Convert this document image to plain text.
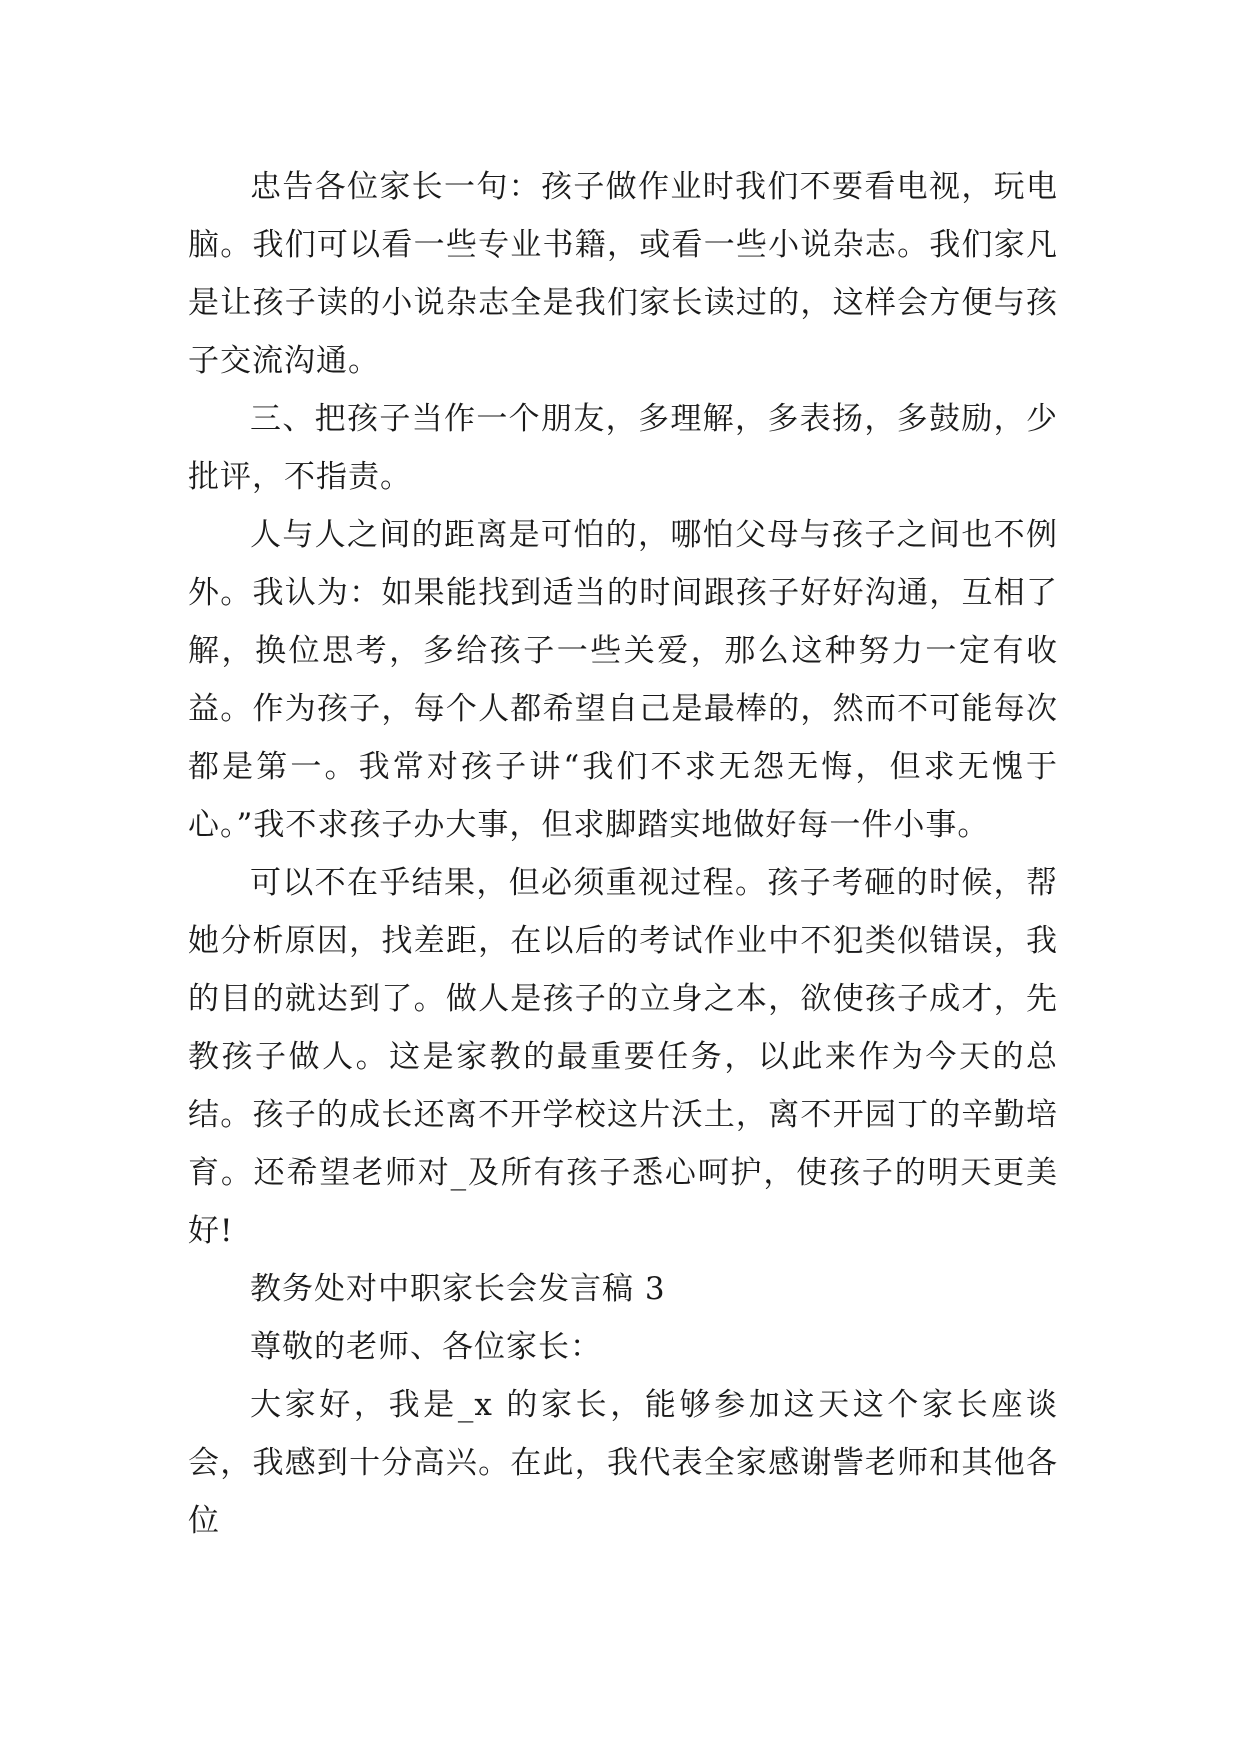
忠告各位家长一句：孩子做作业时我们不要看电视，玩电脑。我们可以看一些专业书籍，或看一些小说杂志。我们家凡是让孩子读的小说杂志全是我们家长读过的，这样会方便与孩子交流沟通。

三、把孩子当作一个朋友，多理解，多表扬，多鼓励，少批评，不指责。

人与人之间的距离是可怕的，哪怕父母与孩子之间也不例外。我认为：如果能找到适当的时间跟孩子好好沟通，互相了解，换位思考，多给孩子一些关爱，那么这种努力一定有收益。作为孩子，每个人都希望自己是最棒的，然而不可能每次都是第一。我常对孩子讲“我们不求无怨无悔，但求无愧于心。”我不求孩子办大事，但求脚踏实地做好每一件小事。

可以不在乎结果，但必须重视过程。孩子考砸的时候，帮她分析原因，找差距，在以后的考试作业中不犯类似错误，我的目的就达到了。做人是孩子的立身之本，欲使孩子成才，先教孩子做人。这是家教的最重要任务，以此来作为今天的总结。孩子的成长还离不开学校这片沃土，离不开园丁的辛勤培育。还希望老师对_及所有孩子悉心呵护，使孩子的明天更美好!

教务处对中职家长会发言稿 3

尊敬的老师、各位家长：

大家好，我是_x 的家长，能够参加这天这个家长座谈会，我感到十分高兴。在此，我代表全家感谢訾老师和其他各位
